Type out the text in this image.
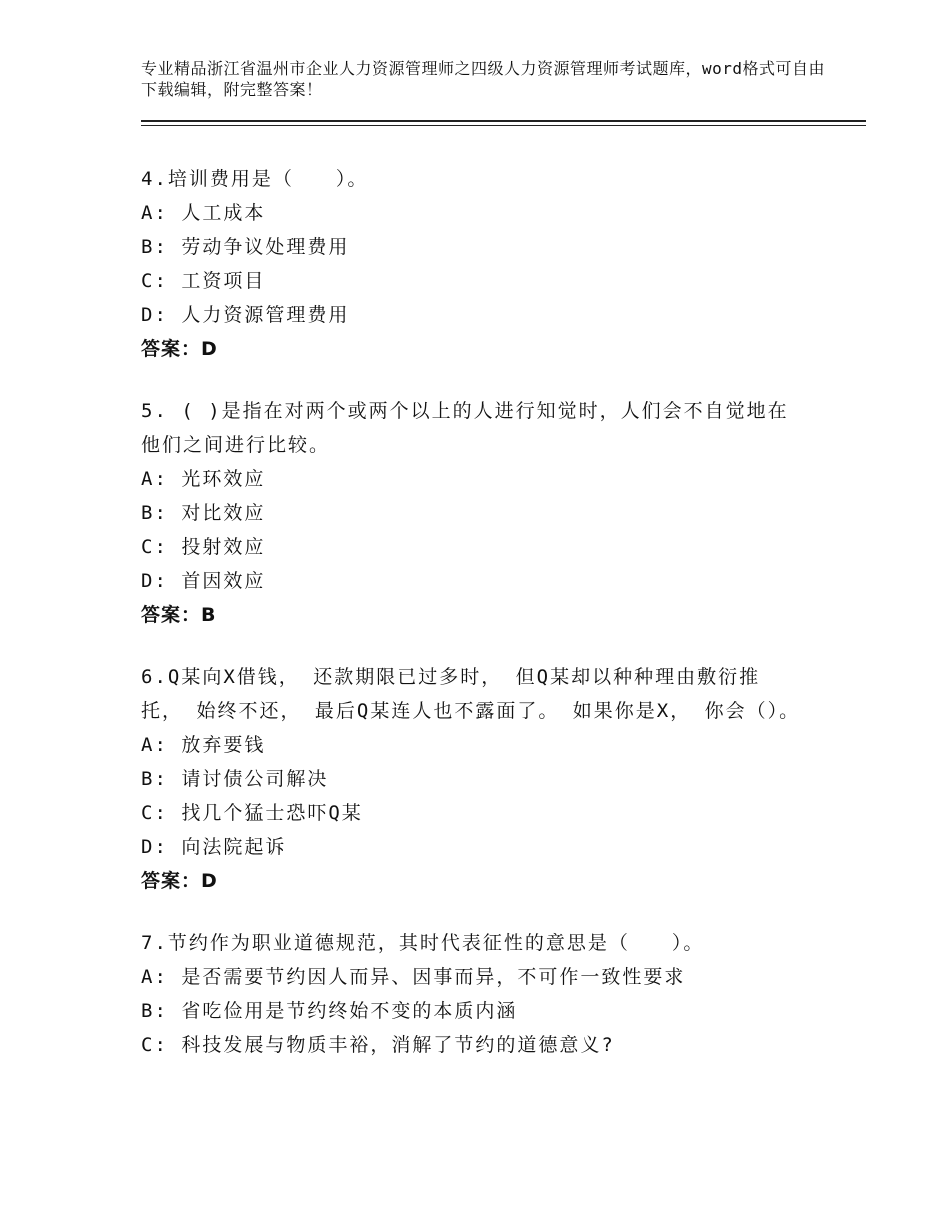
专业精品浙江省温州市企业人力资源管理师之四级人力资源管理师考试题库，word格式可自由下载编辑，附完整答案！
4.培训费用是（　　）。
A: 人工成本
B: 劳动争议处理费用
C: 工资项目
D: 人力资源管理费用
答案：D
5. ( )是指在对两个或两个以上的人进行知觉时，人们会不自觉地在他们之间进行比较。
A: 光环效应
B: 对比效应
C: 投射效应
D: 首因效应
答案：B
6.Q某向X借钱， 还款期限已过多时， 但Q某却以种种理由敷衍推托， 始终不还， 最后Q某连人也不露面了。 如果你是X， 你会（）。
A: 放弃要钱
B: 请讨债公司解决
C: 找几个猛士恐吓Q某
D: 向法院起诉
答案：D
7.节约作为职业道德规范，其时代表征性的意思是（　　）。
A: 是否需要节约因人而异、因事而异，不可作一致性要求
B: 省吃俭用是节约终始不变的本质内涵
C: 科技发展与物质丰裕，消解了节约的道德意义?
